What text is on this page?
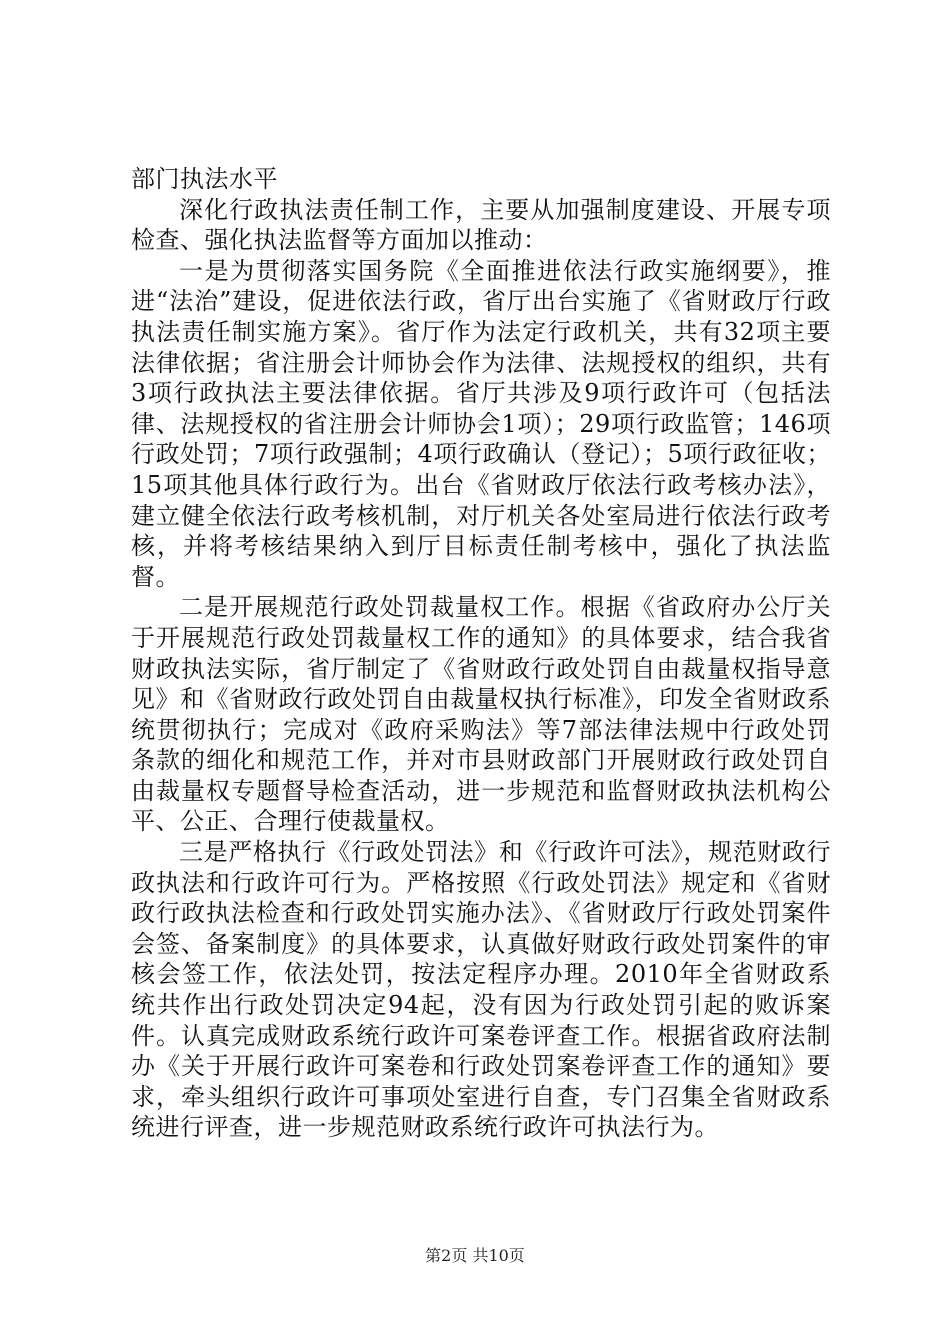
部门执法水平

深化行政执法责任制工作，主要从加强制度建设、开展专项检查、强化执法监督等方面加以推动：

一是为贯彻落实国务院《全面推进依法行政实施纲要》，推进“法治”建设，促进依法行政，省厅出台实施了《省财政厅行政执法责任制实施方案》。省厅作为法定行政机关，共有32项主要法律依据；省注册会计师协会作为法律、法规授权的组织，共有3项行政执法主要法律依据。省厅共涉及9项行政许可（包括法律、法规授权的省注册会计师协会1项）；29项行政监管；146项行政处罚；7项行政强制；4项行政确认（登记）；5项行政征收；15项其他具体行政行为。出台《省财政厅依法行政考核办法》，建立健全依法行政考核机制，对厅机关各处室局进行依法行政考核，并将考核结果纳入到厅目标责任制考核中，强化了执法监督。

二是开展规范行政处罚裁量权工作。根据《省政府办公厅关于开展规范行政处罚裁量权工作的通知》的具体要求，结合我省财政执法实际，省厅制定了《省财政行政处罚自由裁量权指导意见》和《省财政行政处罚自由裁量权执行标准》，印发全省财政系统贯彻执行；完成对《政府采购法》等7部法律法规中行政处罚条款的细化和规范工作，并对市县财政部门开展财政行政处罚自由裁量权专题督导检查活动，进一步规范和监督财政执法机构公平、公正、合理行使裁量权。

三是严格执行《行政处罚法》和《行政许可法》，规范财政行政执法和行政许可行为。严格按照《行政处罚法》规定和《省财政行政执法检查和行政处罚实施办法》、《省财政厅行政处罚案件会签、备案制度》的具体要求，认真做好财政行政处罚案件的审核会签工作，依法处罚，按法定程序办理。2010年全省财政系统共作出行政处罚决定94起，没有因为行政处罚引起的败诉案件。认真完成财政系统行政许可案卷评查工作。根据省政府法制办《关于开展行政许可案卷和行政处罚案卷评查工作的通知》要求，牵头组织行政许可事项处室进行自查，专门召集全省财政系统进行评查，进一步规范财政系统行政许可执法行为。

第2页 共10页
